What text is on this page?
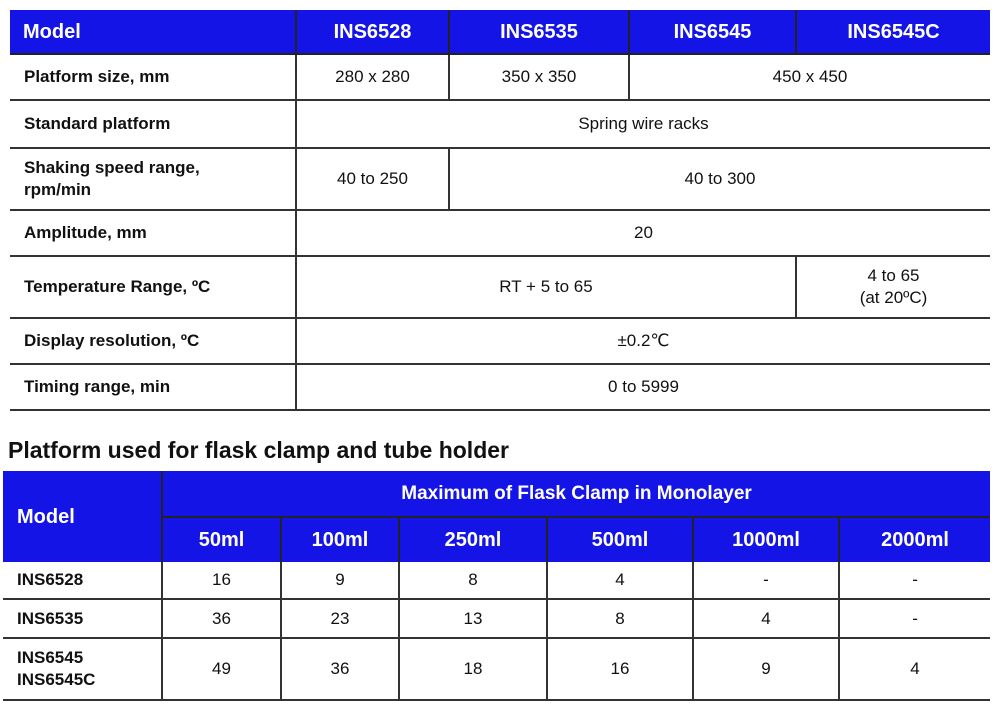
Model	INS6528	INS6535	INS6545	INS6545C
Platform size, mm	280 x 280	350 x 350	450 x 450	
Standard platform	Spring wire racks			

Shaking speed range,
rpm/min	40 to 250	40 to 300		
Amplitude, mm	20			
Temperature Range, ºC	RT + 5 to 65			4 to 65
(at 20ºC)

Display resolution, ºC	±0.2℃			
Timing range, min	0 to 5999			
Platform used for flask clamp and tube holder
Model	Maximum of Flask Clamp in Monolayer					
	50ml	100ml	250ml	500ml	1000ml	2000ml
INS6528	16	9	8	4	-	-
INS6535	36	23	13	8	4	-

INS6545
INS6545C	49	36	18	16	9	4
